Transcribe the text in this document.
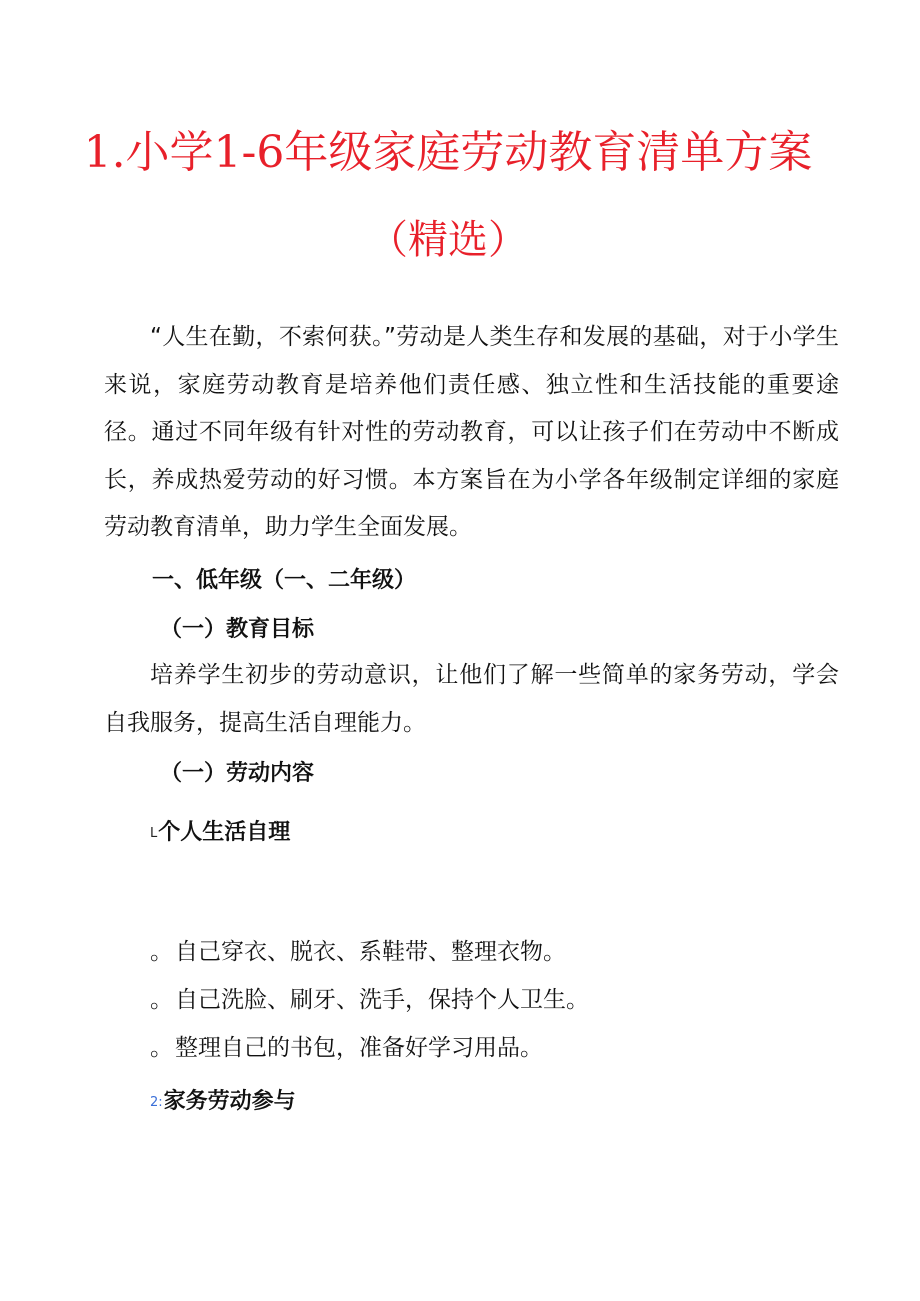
1.小学1-6年级家庭劳动教育清单方案
（精选）

“人生在勤，不索何获。”劳动是人类生存和发展的基础，对于小学生来说，家庭劳动教育是培养他们责任感、独立性和生活技能的重要途径。通过不同年级有针对性的劳动教育，可以让孩子们在劳动中不断成长，养成热爱劳动的好习惯。本方案旨在为小学各年级制定详细的家庭劳动教育清单，助力学生全面发展。

一、低年级（一、二年级）
（一）教育目标

培养学生初步的劳动意识，让他们了解一些简单的家务劳动，学会自我服务，提高生活自理能力。

（一）劳动内容
L个人生活自理
。自己穿衣、脱衣、系鞋带、整理衣物。
。自己洗脸、刷牙、洗手，保持个人卫生。
。整理自己的书包，准备好学习用品。
2:家务劳动参与
